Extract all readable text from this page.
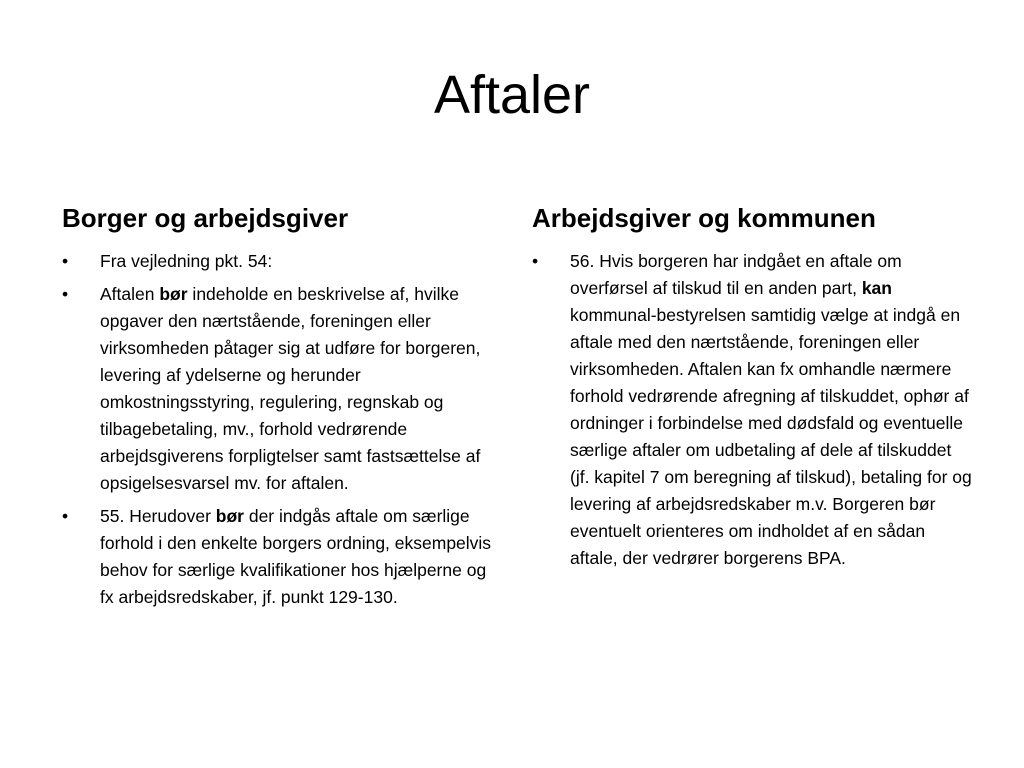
Aftaler
Borger og arbejdsgiver
•	Fra vejledning pkt. 54:
•	Aftalen bør indeholde en beskrivelse af, hvilke opgaver den nærtstående, foreningen eller virksomheden påtager sig at udføre for borgeren, levering af ydelserne og herunder omkostningsstyring, regulering, regnskab og tilbagebetaling, mv., forhold vedrørende arbejdsgiverens forpligtelser samt fastsættelse af opsigelsesvarsel mv. for aftalen.
•	55. Herudover bør der indgås aftale om særlige forhold i den enkelte borgers ordning, eksempelvis behov for særlige kvalifikationer hos hjælperne og fx arbejdsredskaber, jf. punkt 129-130.
Arbejdsgiver og kommunen
•	56. Hvis borgeren har indgået en aftale om overførsel af tilskud til en anden part, kan kommunal-bestyrelsen samtidig vælge at indgå en aftale med den nærtstående, foreningen eller virksomheden. Aftalen kan fx omhandle nærmere forhold vedrørende afregning af tilskuddet, ophør af ordninger i forbindelse med dødsfald og eventuelle særlige aftaler om udbetaling af dele af tilskuddet (jf. kapitel 7 om beregning af tilskud), betaling for og levering af arbejdsredskaber m.v. Borgeren bør eventuelt orienteres om indholdet af en sådan aftale, der vedrører borgerens BPA.
